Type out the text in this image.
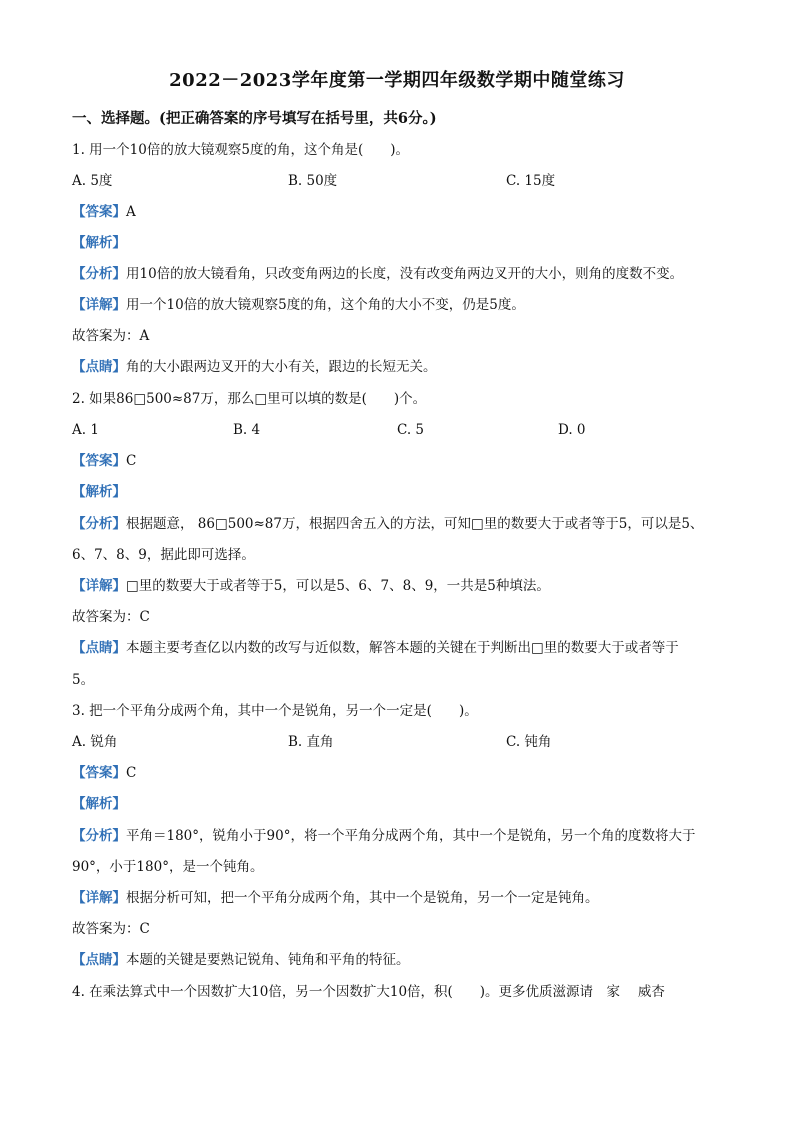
2022－2023学年度第一学期四年级数学期中随堂练习
一、选择题。(把正确答案的序号填写在括号里，共6分。)
1. 用一个10倍的放大镜观察5度的角，这个角是(　　)。
A. 5度	B. 50度	C. 15度
【答案】A
【解析】
【分析】用10倍的放大镜看角，只改变角两边的长度，没有改变角两边叉开的大小，则角的度数不变。
【详解】用一个10倍的放大镜观察5度的角，这个角的大小不变，仍是5度。
故答案为：A
【点睛】角的大小跟两边叉开的大小有关，跟边的长短无关。
2. 如果86□500≈87万，那么□里可以填的数是(　　)个。
A. 1	B. 4	C. 5	D. 0
【答案】C
【解析】
【分析】根据题意， 86□500≈87万，根据四舍五入的方法，可知□里的数要大于或者等于5，可以是5、
6、7、8、9，据此即可选择。
【详解】□里的数要大于或者等于5，可以是5、6、7、8、9，一共是5种填法。
故答案为：C
【点睛】本题主要考查亿以内数的改写与近似数，解答本题的关键在于判断出□里的数要大于或者等于
5。
3. 把一个平角分成两个角，其中一个是锐角，另一个一定是(　　)。
A. 锐角	B. 直角	C. 钝角
【答案】C
【解析】
【分析】平角＝180°，锐角小于90°，将一个平角分成两个角，其中一个是锐角，另一个角的度数将大于
90°，小于180°，是一个钝角。
【详解】根据分析可知，把一个平角分成两个角，其中一个是锐角，另一个一定是钝角。
故答案为：C
【点睛】本题的关键是要熟记锐角、钝角和平角的特征。
4. 在乘法算式中一个因数扩大10倍，另一个因数扩大10倍，积(　　)。更多优质滋源请　家　 威杏
